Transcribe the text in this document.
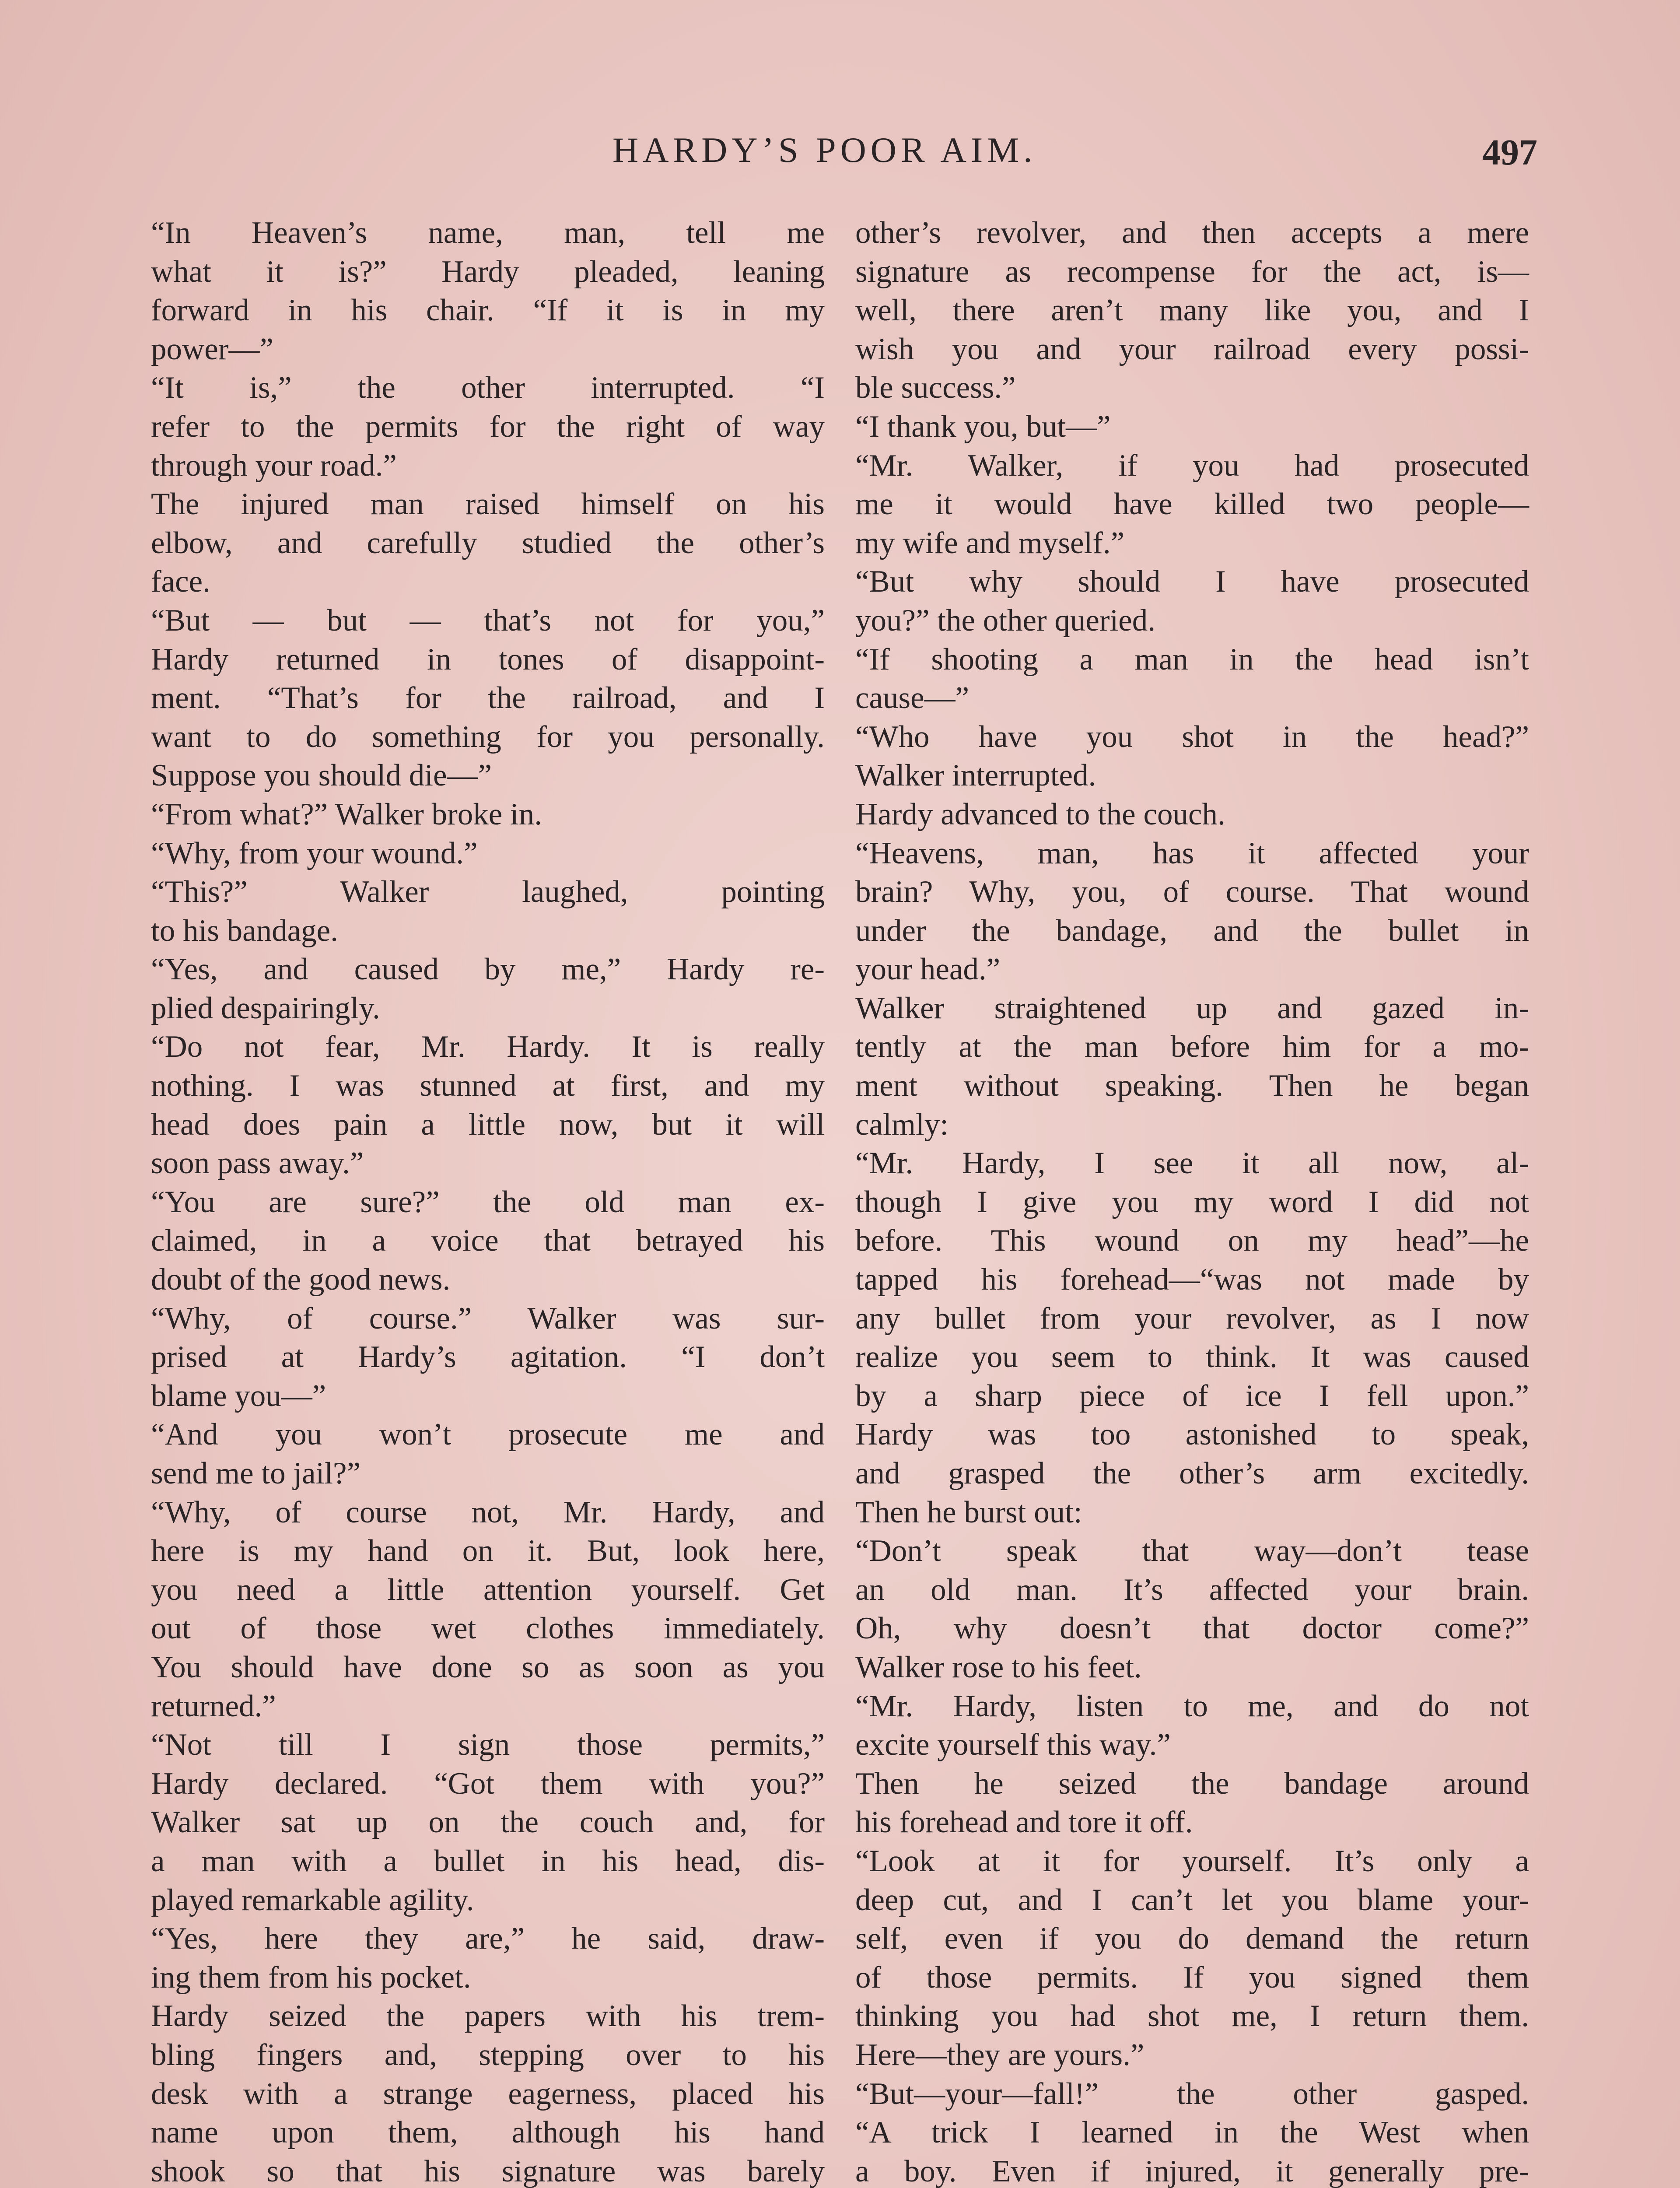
HARDY’S POOR AIM.	497

“In Heaven’s name, man, tell me

what it is?” Hardy pleaded, leaning

forward in his chair. “If it is in my

power—”

“It is,” the other interrupted. “I

refer to the permits for the right of way

through your road.”

The injured man raised himself on his

elbow, and carefully studied the other’s

face.

“But — but — that’s not for you,”

Hardy returned in tones of disappoint-

ment. “That’s for the railroad, and I

want to do something for you personally.

Suppose you should die—”

“From what?” Walker broke in.

“Why, from your wound.”

“This?” Walker laughed, pointing

to his bandage.

“Yes, and caused by me,” Hardy re-

plied despairingly.

“Do not fear, Mr. Hardy. It is really

nothing. I was stunned at first, and my

head does pain a little now, but it will

soon pass away.”

“You are sure?” the old man ex-

claimed, in a voice that betrayed his

doubt of the good news.

“Why, of course.” Walker was sur-

prised at Hardy’s agitation. “I don’t

blame you—”

“And you won’t prosecute me and

send me to jail?”

“Why, of course not, Mr. Hardy, and

here is my hand on it. But, look here,

you need a little attention yourself. Get

out of those wet clothes immediately.

You should have done so as soon as you

returned.”

“Not till I sign those permits,”

Hardy declared. “Got them with you?”

Walker sat up on the couch and, for

a man with a bullet in his head, dis-

played remarkable agility.

“Yes, here they are,” he said, draw-

ing them from his pocket.

Hardy seized the papers with his trem-

bling fingers and, stepping over to his

desk with a strange eagerness, placed his

name upon them, although his hand

shook so that his signature was barely

other’s revolver, and then accepts a mere

signature as recompense for the act, is—

well, there aren’t many like you, and I

wish you and your railroad every possi-

ble success.”

“I thank you, but—”

“Mr. Walker, if you had prosecuted

me it would have killed two people—

my wife and myself.”

“But why should I have prosecuted

you?” the other queried.

“If shooting a man in the head isn’t

cause—”

“Who have you shot in the head?”

Walker interrupted.

Hardy advanced to the couch.

“Heavens, man, has it affected your

brain? Why, you, of course. That wound

under the bandage, and the bullet in

your head.”

Walker straightened up and gazed in-

tently at the man before him for a mo-

ment without speaking. Then he began

calmly:

“Mr. Hardy, I see it all now, al-

though I give you my word I did not

before. This wound on my head”—he

tapped his forehead—“was not made by

any bullet from your revolver, as I now

realize you seem to think. It was caused

by a sharp piece of ice I fell upon.”

Hardy was too astonished to speak,

and grasped the other’s arm excitedly.

Then he burst out:

“Don’t speak that way—don’t tease

an old man. It’s affected your brain.

Oh, why doesn’t that doctor come?”

Walker rose to his feet.

“Mr. Hardy, listen to me, and do not

excite yourself this way.”

Then he seized the bandage around

his forehead and tore it off.

“Look at it for yourself. It’s only a

deep cut, and I can’t let you blame your-

self, even if you do demand the return

of those permits. If you signed them

thinking you had shot me, I return them.

Here—they are yours.”

“But—your—fall!” the other gasped.

“A trick I learned in the West when

a boy. Even if injured, it generally pre-
